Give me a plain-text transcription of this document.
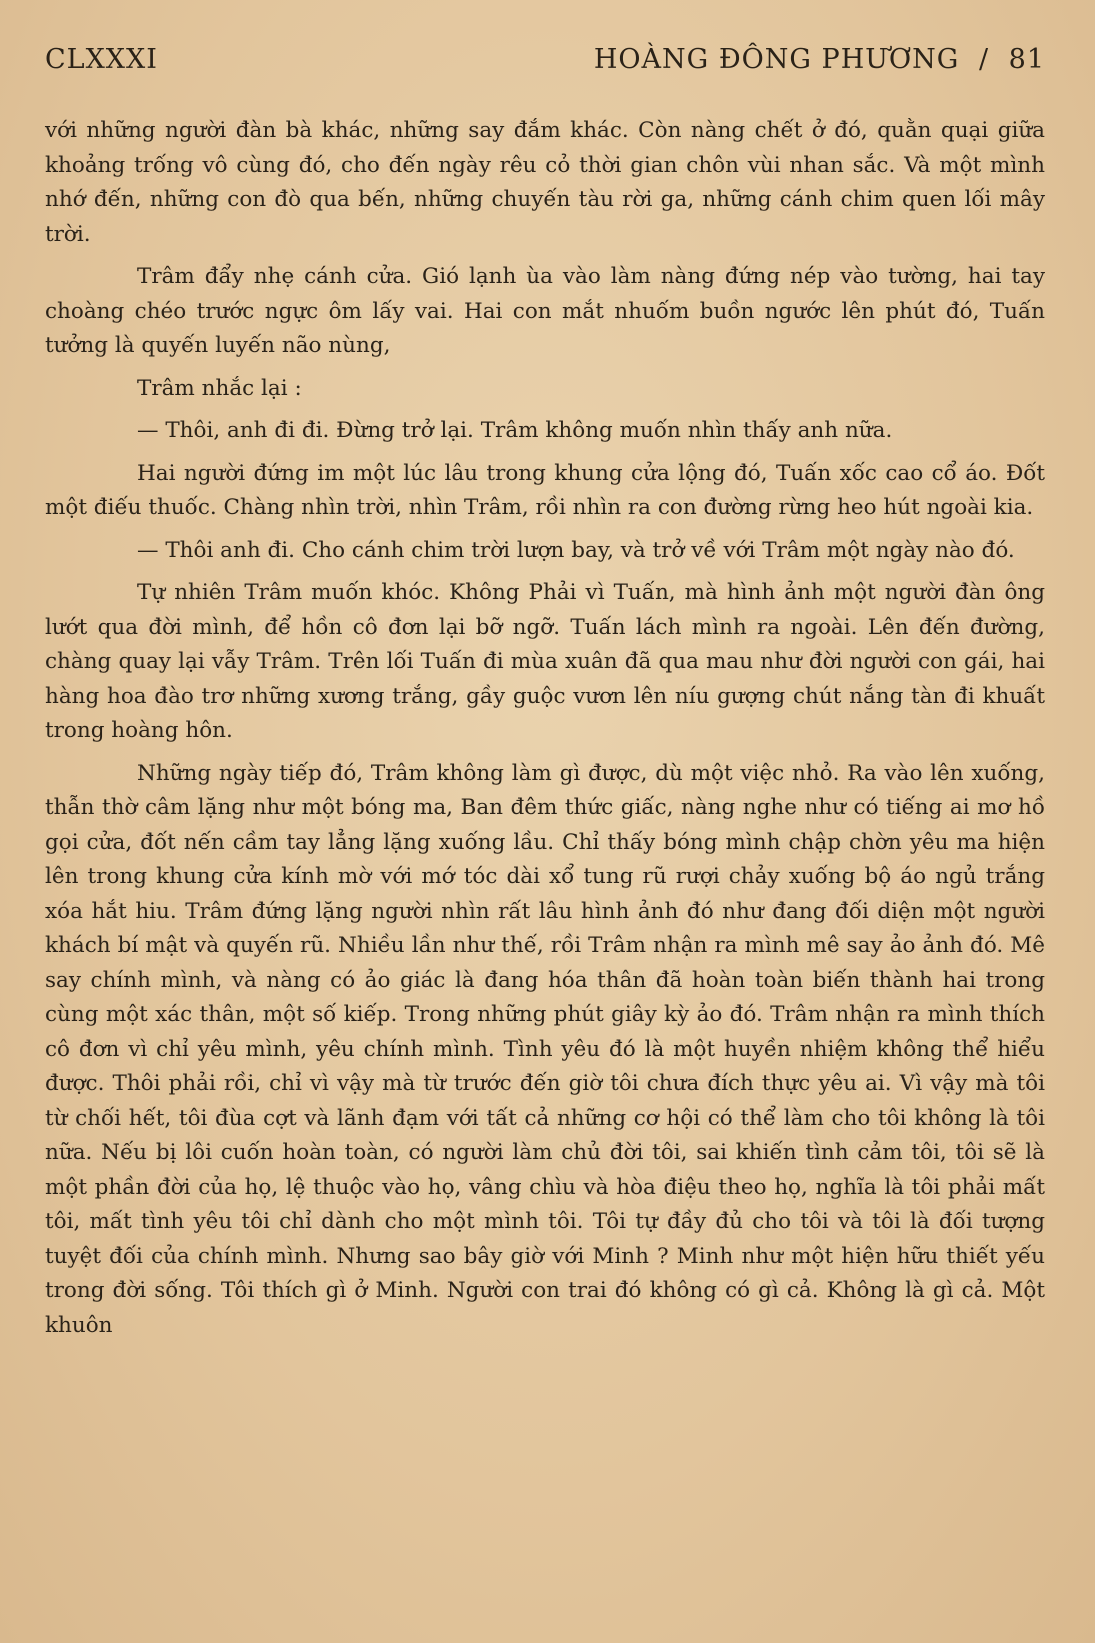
CLXXXI	HOÀNG ĐÔNG PHƯƠNG / 81

với những người đàn bà khác, những say đắm khác. Còn nàng chết ở đó, quằn quại giữa khoảng trống vô cùng đó, cho đến ngày rêu cỏ thời gian chôn vùi nhan sắc. Và một mình nhớ đến, những con đò qua bến, những chuyến tàu rời ga, những cánh chim quen lối mây trời.

Trâm đẩy nhẹ cánh cửa. Gió lạnh ùa vào làm nàng đứng nép vào tường, hai tay choàng chéo trước ngực ôm lấy vai. Hai con mắt nhuốm buồn ngước lên phút đó, Tuấn tưởng là quyến luyến não nùng,

Trâm nhắc lại :

— Thôi, anh đi đi. Đừng trở lại. Trâm không muốn nhìn thấy anh nữa.

Hai người đứng im một lúc lâu trong khung cửa lộng đó, Tuấn xốc cao cổ áo. Đốt một điếu thuốc. Chàng nhìn trời, nhìn Trâm, rồi nhìn ra con đường rừng heo hút ngoài kia.

— Thôi anh đi. Cho cánh chim trời lượn bay, và trở về với Trâm một ngày nào đó.

Tự nhiên Trâm muốn khóc. Không Phải vì Tuấn, mà hình ảnh một người đàn ông lướt qua đời mình, để hồn cô đơn lại bỡ ngỡ. Tuấn lách mình ra ngoài. Lên đến đường, chàng quay lại vẫy Trâm. Trên lối Tuấn đi mùa xuân đã qua mau như đời người con gái, hai hàng hoa đào trơ những xương trắng, gầy guộc vươn lên níu gượng chút nắng tàn đi khuất trong hoàng hôn.

Những ngày tiếp đó, Trâm không làm gì được, dù một việc nhỏ. Ra vào lên xuống, thẫn thờ câm lặng như một bóng ma, Ban đêm thức giấc, nàng nghe như có tiếng ai mơ hồ gọi cửa, đốt nến cầm tay lẳng lặng xuống lầu. Chỉ thấy bóng mình chập chờn yêu ma hiện lên trong khung cửa kính mờ với mớ tóc dài xổ tung rũ rượi chảy xuống bộ áo ngủ trắng xóa hắt hiu. Trâm đứng lặng người nhìn rất lâu hình ảnh đó như đang đối diện một người khách bí mật và quyến rũ. Nhiều lần như thế, rồi Trâm nhận ra mình mê say ảo ảnh đó. Mê say chính mình, và nàng có ảo giác là đang hóa thân đã hoàn toàn biến thành hai trong cùng một xác thân, một số kiếp. Trong những phút giây kỳ ảo đó. Trâm nhận ra mình thích cô đơn vì chỉ yêu mình, yêu chính mình. Tình yêu đó là một huyền nhiệm không thể hiểu được. Thôi phải rồi, chỉ vì vậy mà từ trước đến giờ tôi chưa đích thực yêu ai. Vì vậy mà tôi từ chối hết, tôi đùa cợt và lãnh đạm với tất cả những cơ hội có thể làm cho tôi không là tôi nữa. Nếu bị lôi cuốn hoàn toàn, có người làm chủ đời tôi, sai khiến tình cảm tôi, tôi sẽ là một phần đời của họ, lệ thuộc vào họ, vâng chìu và hòa điệu theo họ, nghĩa là tôi phải mất tôi, mất tình yêu tôi chỉ dành cho một mình tôi. Tôi tự đầy đủ cho tôi và tôi là đối tượng tuyệt đối của chính mình. Nhưng sao bây giờ với Minh ? Minh như một hiện hữu thiết yếu trong đời sống. Tôi thích gì ở Minh. Người con trai đó không có gì cả. Không là gì cả. Một khuôn
